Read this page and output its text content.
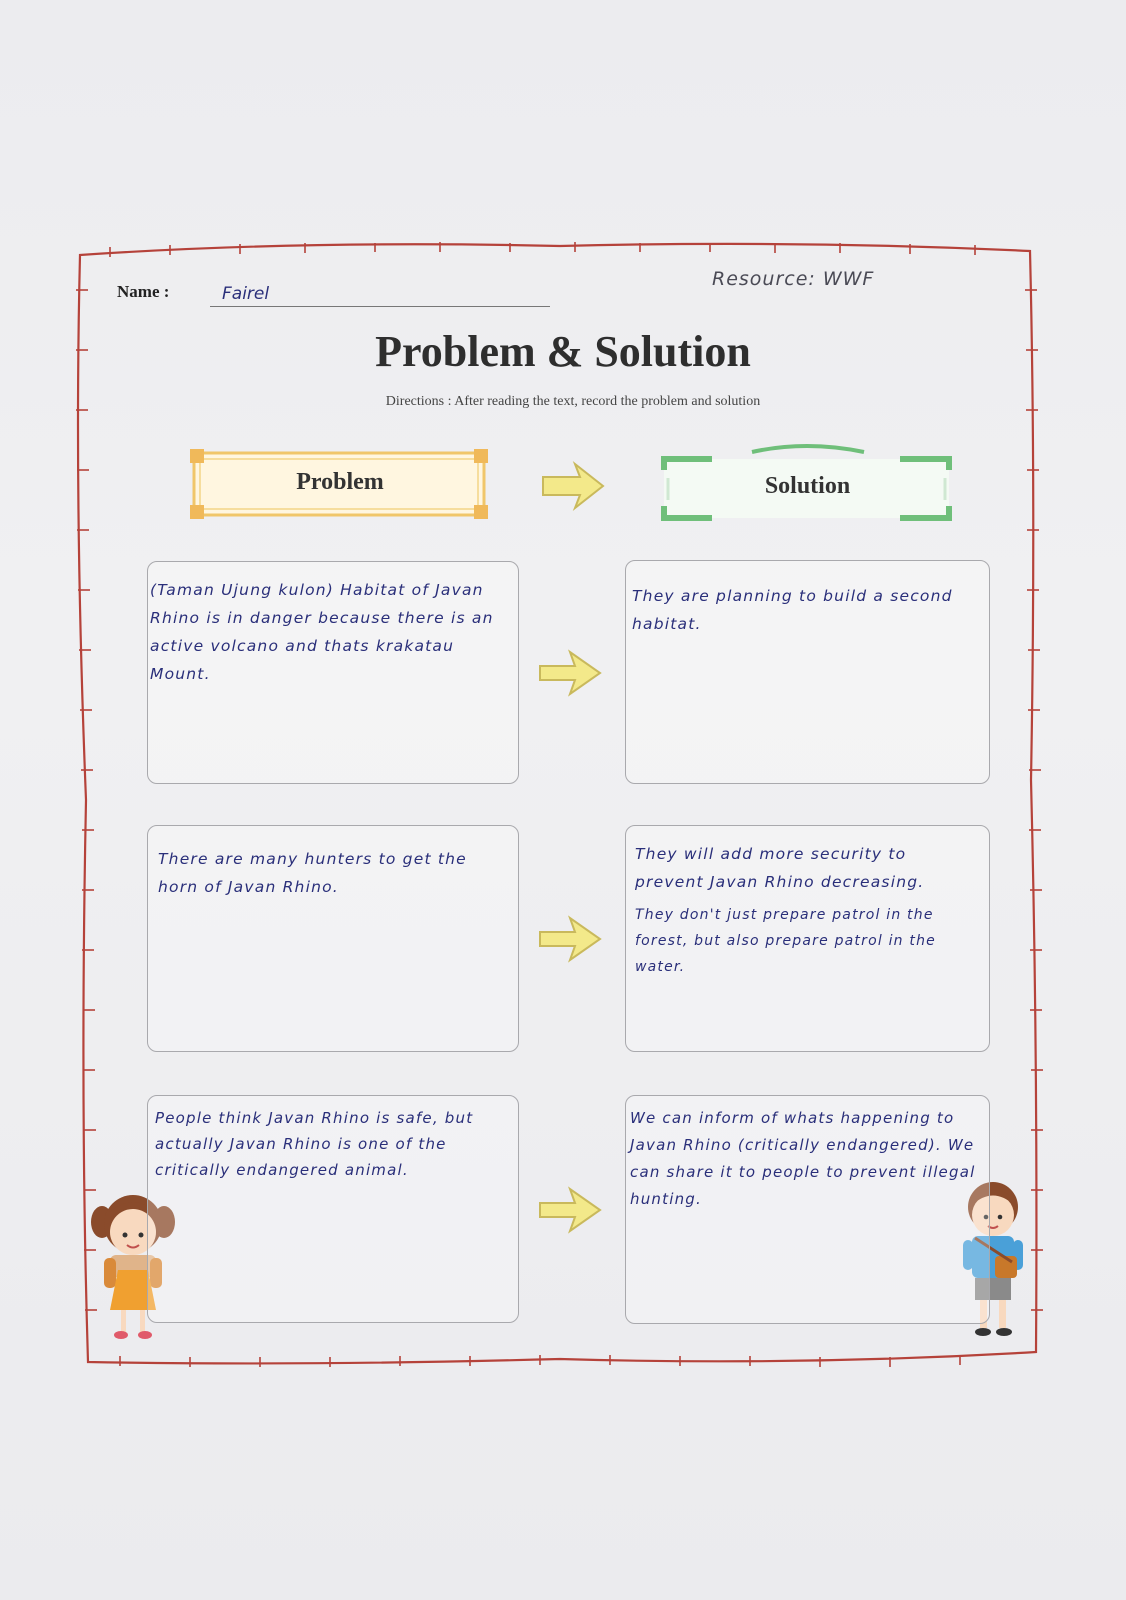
Name :	Fairel
Resource: WWF
Problem & Solution
Directions : After reading the text, record the problem and solution
Problem	Solution
(Taman Ujung kulon) Habitat of Javan Rhino is in danger because there is an active volcano and thats krakatau Mount.

They are planning to build a second habitat.

There are many hunters to get the horn of Javan Rhino.

They will add more security to prevent Javan Rhino decreasing.

They don't just prepare patrol in the forest, but also prepare patrol in the water.

People think Javan Rhino is safe, but actually Javan Rhino is one of the critically endangered animal.

We can inform of whats happening to Javan Rhino (critically endangered). We can share it to people to prevent illegal hunting.
